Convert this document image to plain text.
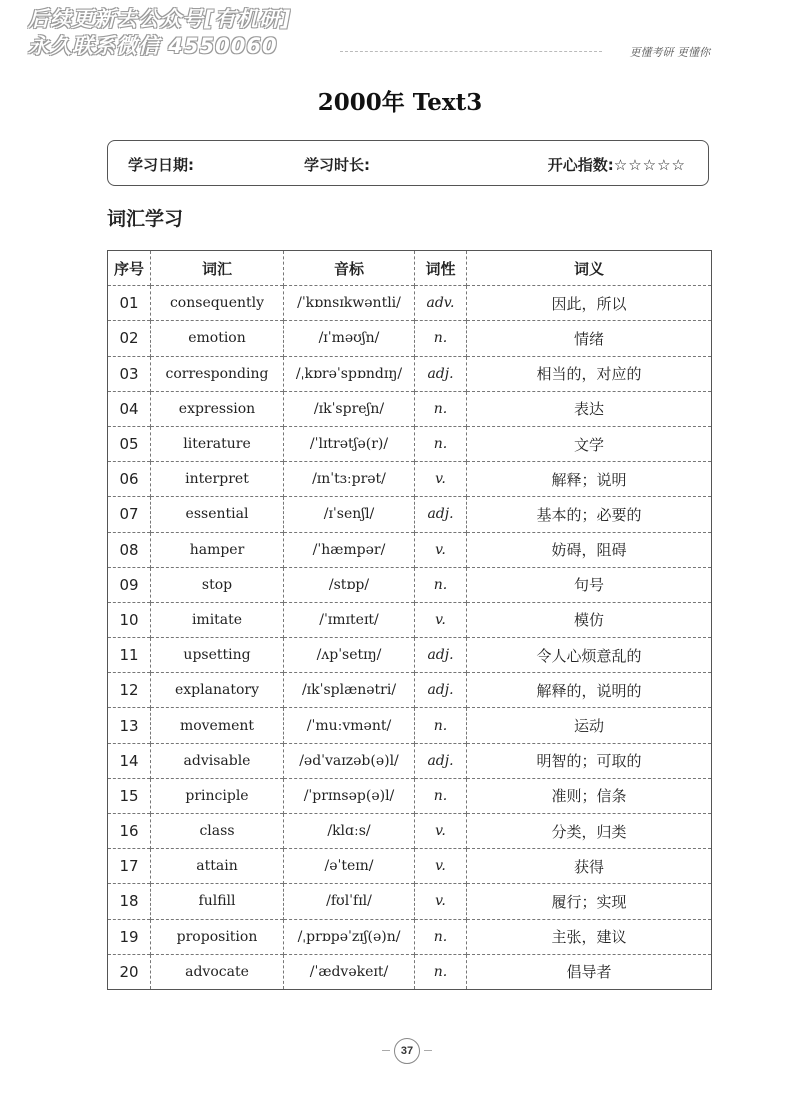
后续更新去公众号[有机研]
永久联系微信 4550060	更懂考研 更懂你
2000年 Text3
学习日期:	学习时长:	开心指数:☆☆☆☆☆
词汇学习
序号	词汇	音标	词性	词义
01	consequently	/ˈkɒnsɪkwəntli/	adv.	因此，所以
02	emotion	/ɪˈməʊʃn/	n.	情绪
03	corresponding	/ˌkɒrəˈspɒndɪŋ/	adj.	相当的，对应的
04	expression	/ɪkˈspreʃn/	n.	表达
05	literature	/ˈlɪtrətʃə(r)/	n.	文学
06	interpret	/ɪnˈtɜːprət/	v.	解释；说明
07	essential	/ɪˈsenʃl/	adj.	基本的；必要的
08	hamper	/ˈhæmpər/	v.	妨碍，阻碍
09	stop	/stɒp/	n.	句号
10	imitate	/ˈɪmɪteɪt/	v.	模仿
11	upsetting	/ʌpˈsetɪŋ/	adj.	令人心烦意乱的
12	explanatory	/ɪkˈsplænətri/	adj.	解释的，说明的
13	movement	/ˈmuːvmənt/	n.	运动
14	advisable	/ədˈvaɪzəb(ə)l/	adj.	明智的；可取的
15	principle	/ˈprɪnsəp(ə)l/	n.	准则；信条
16	class	/klɑːs/	v.	分类，归类
17	attain	/əˈteɪn/	v.	获得
18	fulfill	/fʊlˈfɪl/	v.	履行；实现
19	proposition	/ˌprɒpəˈzɪʃ(ə)n/	n.	主张，建议
20	advocate	/ˈædvəkeɪt/	n.	倡导者
37
